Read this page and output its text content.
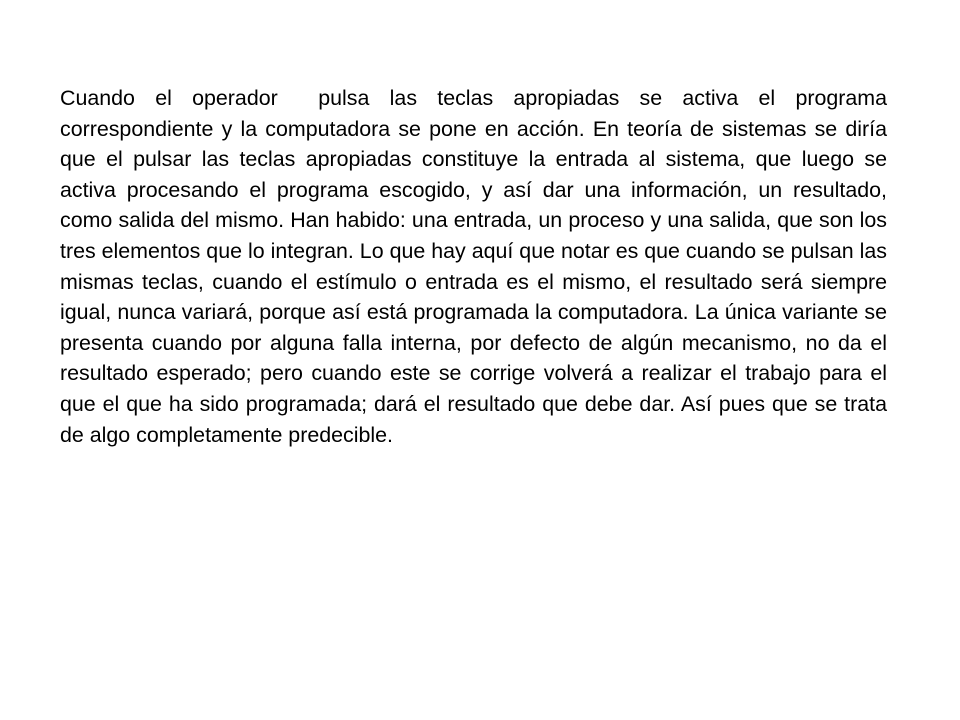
Cuando el operador  pulsa las teclas apropiadas se activa el programa correspondiente y la computadora se pone en acción. En teoría de sistemas se diría que el pulsar las teclas apropiadas constituye la entrada al sistema, que luego se activa procesando el programa escogido, y así dar una información, un resultado, como salida del mismo. Han habido: una entrada, un proceso y una salida, que son los tres elementos que lo integran. Lo que hay aquí que notar es que cuando se pulsan las mismas teclas, cuando el estímulo o entrada es el mismo, el resultado será siempre igual, nunca variará, porque así está programada la computadora. La única variante se presenta cuando por alguna falla interna, por defecto de algún mecanismo, no da el resultado esperado; pero cuando este se corrige volverá a realizar el trabajo para el que el que ha sido programada; dará el resultado que debe dar. Así pues que se trata de algo completamente predecible.
